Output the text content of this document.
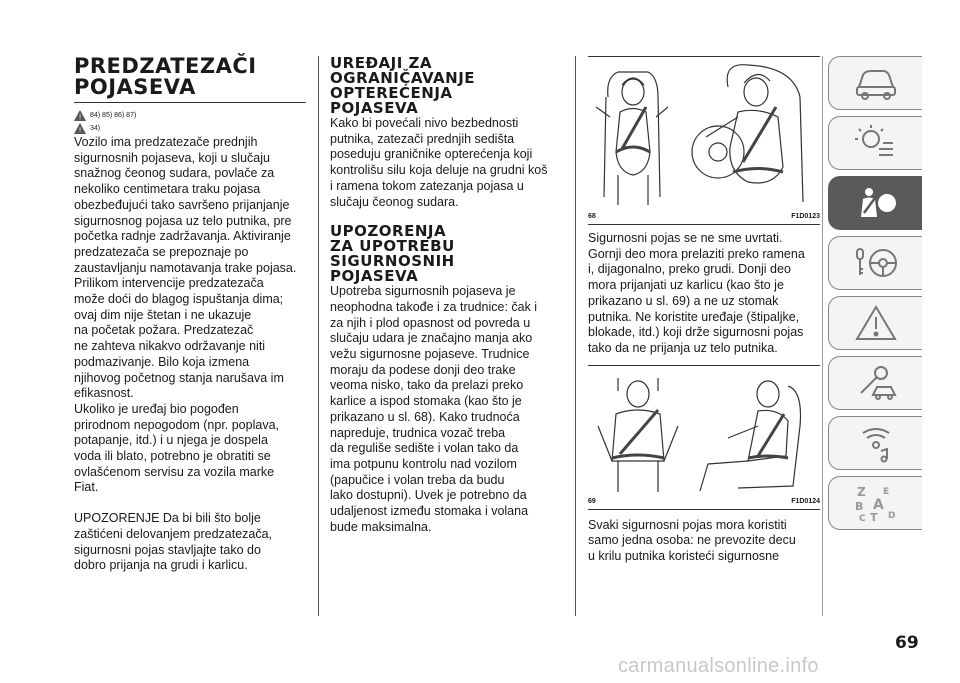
PREDZATEZAČI
POJASEVA
! 84) 85) 86) 87)
! 34)

Vozilo ima predzatezače prednjih
sigurnosnih pojaseva, koji u slučaju
snažnog čeonog sudara, povlače za
nekoliko centimetara traku pojasa
obezbeđujući tako savršeno prijanjanje
sigurnosnog pojasa uz telo putnika, pre
početka radnje zadržavanja. Aktiviranje
predzatezača se prepoznaje po
zaustavljanju namotavanja trake pojasa.
Prilikom intervencije predzatezača
može doći do blagog ispuštanja dima;
ovaj dim nije štetan i ne ukazuje
na početak požara. Predzatezač
ne zahteva nikakvo održavanje niti
podmazivanje. Bilo koja izmena
njihovog početnog stanja narušava im
efikasnost.
Ukoliko je uređaj bio pogođen
prirodnom nepogodom (npr. poplava,
potapanje, itd.) i u njega je dospela
voda ili blato, potrebno je obratiti se
ovlašćenom servisu za vozila marke
Fiat.

UPOZORENJE Da bi bili što bolje
zaštićeni delovanjem predzatezača,
sigurnosni pojas stavljajte tako do
dobro prijanja na grudi i karlicu.

UREĐAJI ZA
OGRANIČAVANJE
OPTEREĆENJA
POJASEVA

Kako bi povećali nivo bezbednosti
putnika, zatezači prednjih sedišta
poseduju graničnike opterećenja koji
kontrolišu silu koja deluje na grudni koš
i ramena tokom zatezanja pojasa u
slučaju čeonog sudara.

UPOZORENJA
ZA UPOTREBU
SIGURNOSNIH
POJASEVA

Upotreba sigurnosnih pojaseva je
neophodna takođe i za trudnice: čak i
za njih i plod opasnost od povreda u
slučaju udara je značajno manja ako
vežu sigurnosne pojaseve. Trudnice
moraju da podese donji deo trake
veoma nisko, tako da prelazi preko
karlice a ispod stomaka (kao što je
prikazano u sl. 68). Kako trudnoća
napreduje, trudnica vozač treba
da reguliše sedište i volan tako da
ima potpunu kontrolu nad vozilom
(papučice i volan treba da budu
lako dostupni). Uvek je potrebno da
udaljenost između stomaka i volana
bude maksimalna.

68	F1D0123

Sigurnosni pojas se ne sme uvrtati.
Gornji deo mora prelaziti preko ramena
i, dijagonalno, preko grudi. Donji deo
mora prijanjati uz karlicu (kao što je
prikazano u sl. 69) a ne uz stomak
putnika. Ne koristite uređaje (štipaljke,
blokade, itd.) koji drže sigurnosni pojas
tako da ne prijanja uz telo putnika.

69	F1D0124

Svaki sigurnosni pojas mora koristiti
samo jedna osoba: ne prevozite decu
u krilu putnika koristeći sigurnosne

Z E
B A
C T D
69
carmanualsonline.info
